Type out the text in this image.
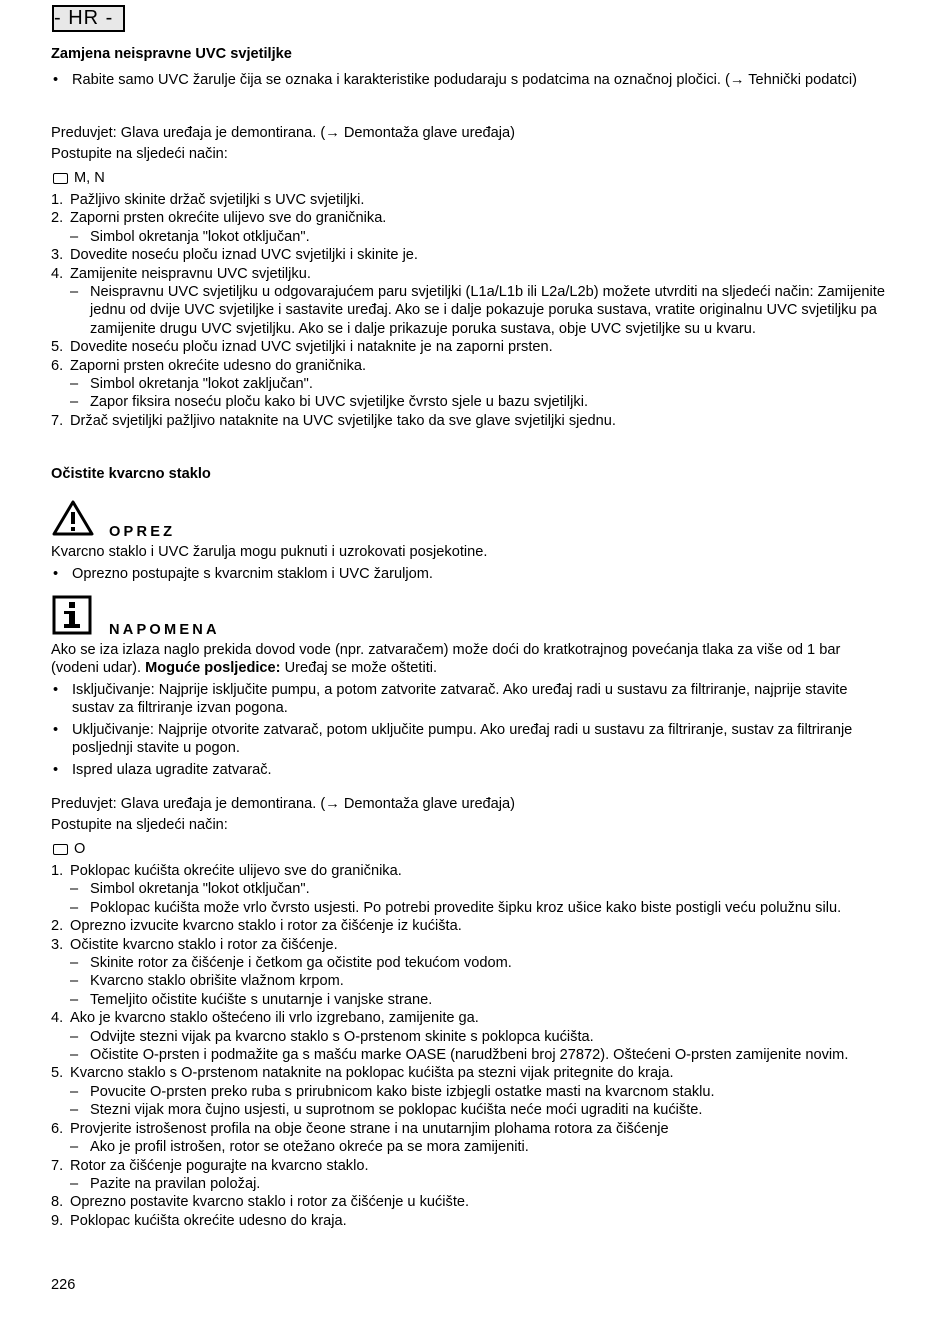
- HR -
Zamjena neispravne UVC svjetiljke
• Rabite samo UVC žarulje čija se oznaka i karakteristike podudaraju s podatcima na označnoj pločici. (→ Tehnički podatci)

Preduvjet: Glava uređaja je demontirana. (→ Demontaža glave uređaja)

Postupite na sljedeći način:

M, N
1. Pažljivo skinite držač svjetiljki s UVC svjetiljki.
2. Zaporni prsten okrećite ulijevo sve do graničnika.
– Simbol okretanja "lokot otključan".
3. Dovedite noseću ploču iznad UVC svjetiljki i skinite je.
4. Zamijenite neispravnu UVC svjetiljku.
– Neispravnu UVC svjetiljku u odgovarajućem paru svjetiljki (L1a/L1b ili L2a/L2b) možete utvrditi na sljedeći način: Zamijenite jednu od dvije UVC svjetiljke i sastavite uređaj. Ako se i dalje pokazuje poruka sustava, vratite originalnu UVC svjetiljku pa zamijenite drugu UVC svjetiljku. Ako se i dalje prikazuje poruka sustava, obje UVC svjetiljke su u kvaru.
5. Dovedite noseću ploču iznad UVC svjetiljki i nataknite je na zaporni prsten.
6. Zaporni prsten okrećite udesno do graničnika.
– Simbol okretanja "lokot zaključan".
– Zapor fiksira noseću ploču kako bi UVC svjetiljke čvrsto sjele u bazu svjetiljki.
7. Držač svjetiljki pažljivo nataknite na UVC svjetiljke tako da sve glave svjetiljki sjednu.
Očistite kvarcno staklo
OPREZ

Kvarcno staklo i UVC žarulja mogu puknuti i uzrokovati posjekotine.

• Oprezno postupajte s kvarcnim staklom i UVC žaruljom.
NAPOMENA

Ako se iza izlaza naglo prekida dovod vode (npr. zatvaračem) može doći do kratkotrajnog povećanja tlaka za više od 1 bar (vodeni udar). Moguće posljedice: Uređaj se može oštetiti.

• Isključivanje: Najprije isključite pumpu, a potom zatvorite zatvarač. Ako uređaj radi u sustavu za filtriranje, najprije stavite sustav za filtriranje izvan pogona.
• Uključivanje: Najprije otvorite zatvarač, potom uključite pumpu. Ako uređaj radi u sustavu za filtriranje, sustav za filtriranje posljednji stavite u pogon.
• Ispred ulaza ugradite zatvarač.

Preduvjet: Glava uređaja je demontirana. (→ Demontaža glave uređaja)

Postupite na sljedeći način:

O
1. Poklopac kućišta okrećite ulijevo sve do graničnika.
– Simbol okretanja "lokot otključan".
– Poklopac kućišta može vrlo čvrsto usjesti. Po potrebi provedite šipku kroz ušice kako biste postigli veću polužnu silu.
2. Oprezno izvucite kvarcno staklo i rotor za čišćenje iz kućišta.
3. Očistite kvarcno staklo i rotor za čišćenje.
– Skinite rotor za čišćenje i četkom ga očistite pod tekućom vodom.
– Kvarcno staklo obrišite vlažnom krpom.
– Temeljito očistite kućište s unutarnje i vanjske strane.
4. Ako je kvarcno staklo oštećeno ili vrlo izgrebano, zamijenite ga.
– Odvijte stezni vijak pa kvarcno staklo s O-prstenom skinite s poklopca kućišta.
– Očistite O-prsten i podmažite ga s mašću marke OASE (narudžbeni broj 27872). Oštećeni O-prsten zamijenite novim.
5. Kvarcno staklo s O-prstenom nataknite na poklopac kućišta pa stezni vijak pritegnite do kraja.
– Povucite O-prsten preko ruba s prirubnicom kako biste izbjegli ostatke masti na kvarcnom staklu.
– Stezni vijak mora čujno usjesti, u suprotnom se poklopac kućišta neće moći ugraditi na kućište.
6. Provjerite istrošenost profila na obje čeone strane i na unutarnjim plohama rotora za čišćenje
– Ako je profil istrošen, rotor se otežano okreće pa se mora zamijeniti.
7. Rotor za čišćenje pogurajte na kvarcno staklo.
– Pazite na pravilan položaj.
8. Oprezno postavite kvarcno staklo i rotor za čišćenje u kućište.
9. Poklopac kućišta okrećite udesno do kraja.
226
